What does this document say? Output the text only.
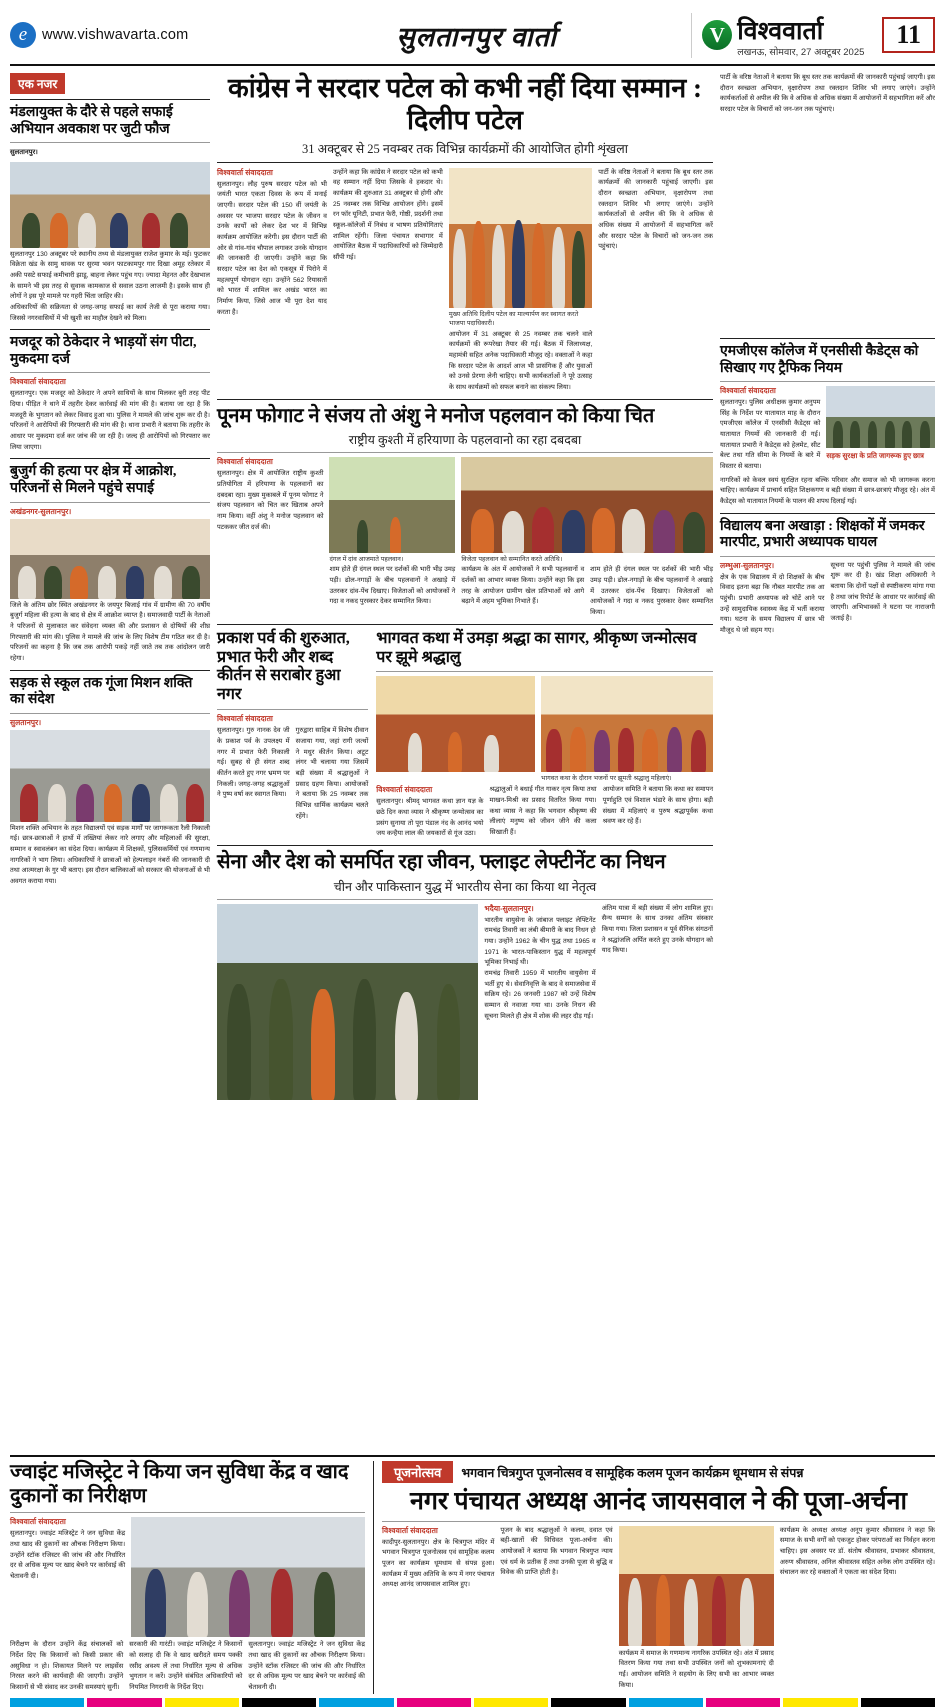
e	www.vishwavarta.com	सुलतानपुर वार्ता	V विश्ववार्ता
लखनऊ, सोमवार, 27 अक्टूबर 2025
11
एक नजर
मंडलायुक्त के दौरे से पहले सफाई अभियान अवकाश पर जुटी फौज
सुलतानपुर।
सुलतानपुर 130 अक्टूबर परे स्थानीय तथ्य से मंडलायुक्त राजेश कुमार के मई। फुटकर विक्रेता खंड के सामु थावक पर सुरमा भवन फाटकामपुर गार दिखा अमूह रतेकार में अकी पसटे सफाई कमीचारी झाडू, बाहना लेकर पहुंच गए। ज्यादा मेहनत और देखभाल के सामने भी इस तरह से सुवाक कामकाज से सवाल उठना लाजमी है। इसके साथ ही लोगों ने इस पूरे मामले पर गहरी चिंता जाहिर की।
अधिकारियों की सक्रियता से जगह-जगह सफाई का कार्य तेजी से पूरा कराया गया। जिससे नगरवासियों में भी खुशी का माहौल देखने को मिला।
मजदूर को ठेकेदार ने भाड़यों संग पीटा, मुकदमा दर्ज
विश्ववार्ता संवाददाता
सुलतानपुर। एक मजदूर को ठेकेदार ने अपने साथियों के साथ मिलकर बुरी तरह पीट दिया। पीड़ित ने थाने में तहरीर देकर कार्रवाई की मांग की है। बताया जा रहा है कि मजदूरी के भुगतान को लेकर विवाद हुआ था। पुलिस ने मामले की जांच शुरू कर दी है। परिजनों ने आरोपियों की गिरफ्तारी की मांग की है। थाना प्रभारी ने बताया कि तहरीर के आधार पर मुकदमा दर्ज कर जांच की जा रही है। जल्द ही आरोपियों को गिरफ्तार कर लिया जाएगा।
बुजुर्ग की हत्या पर क्षेत्र में आक्रोश, परिजनों से मिलने पहुंचे सपाई
अखंडनगर-सुलतानपुर।
जिले के अंतिम छोर स्थित अखंडनगर के जयपुर बिजाई गांव में ग्रामीण की 70 वर्षीय बुजुर्ग महिला की हत्या के बाद से क्षेत्र में आक्रोश व्याप्त है। समाजवादी पार्टी के नेताओं ने परिजनों से मुलाकात कर संवेदना व्यक्त की और प्रशासन से दोषियों की शीघ्र गिरफ्तारी की मांग की। पुलिस ने मामले की जांच के लिए विशेष टीम गठित कर दी है। परिजनों का कहना है कि जब तक आरोपी पकड़े नहीं जाते तब तक आंदोलन जारी रहेगा।
सड़क से स्कूल तक गूंजा मिशन शक्ति का संदेश
सुलतानपुर।
मिशन शक्ति अभियान के तहत विद्यालयों एवं सड़क मार्गों पर जागरूकता रैली निकाली गई। छात्र-छात्राओं ने हाथों में तख्तियां लेकर नारे लगाए और महिलाओं की सुरक्षा, सम्मान व स्वावलंबन का संदेश दिया। कार्यक्रम में शिक्षकों, पुलिसकर्मियों एवं गणमान्य नागरिकों ने भाग लिया। अधिकारियों ने छात्राओं को हेल्पलाइन नंबरों की जानकारी दी तथा आत्मरक्षा के गुर भी बताए। इस दौरान बालिकाओं को सरकार की योजनाओं से भी अवगत कराया गया।
कांग्रेस ने सरदार पटेल को कभी नहीं दिया सम्मान : दिलीप पटेल
31 अक्टूबर से 25 नवम्बर तक विभिन्न कार्यक्रमों की आयोजित होगी शृंखला
विश्ववार्ता संवाददाता
सुलतानपुर। लौह पुरुष सरदार पटेल को भी जयंती भारत एकता दिवस के रूप में मनाई जाएगी। सरदार पटेल की 150 वीं जयंती के अवसर पर भाजपा सरदार पटेल के जीवन व उनके कार्यों को लेकर देश भर में विभिन्न कार्यक्रम आयोजित करेगी। इस दौरान पार्टी की ओर से गांव-गांव चौपाल लगाकर उनके योगदान की जानकारी दी जाएगी। उन्होंने कहा कि सरदार पटेल का देश को एकसूत्र में पिरोने में महत्वपूर्ण योगदान रहा। उन्होंने 562 रियासतों को भारत में शामिल कर अखंड भारत का निर्माण किया, जिसे आज भी पूरा देश याद करता है।
उन्होंने कहा कि कांग्रेस ने सरदार पटेल को कभी वह सम्मान नहीं दिया जिसके वे हकदार थे। कार्यक्रम की शुरुआत 31 अक्टूबर से होगी और 25 नवम्बर तक विभिन्न आयोजन होंगे। इसमें रन फॉर यूनिटी, प्रभात फेरी, गोष्ठी, प्रदर्शनी तथा स्कूल-कॉलेजों में निबंध व भाषण प्रतियोगिताएं शामिल रहेंगी। जिला पंचायत सभागार में आयोजित बैठक में पदाधिकारियों को जिम्मेदारी सौंपी गई।
मुख्य अतिथि दिलीप पटेल का माल्यार्पण कर स्वागत करते भाजपा पदाधिकारी।
आयोजन में 31 अक्टूबर से 25 नवम्बर तक चलने वाले कार्यक्रमों की रूपरेखा तैयार की गई। बैठक में जिलाध्यक्ष, महामंत्री सहित अनेक पदाधिकारी मौजूद रहे। वक्ताओं ने कहा कि सरदार पटेल के आदर्श आज भी प्रासंगिक हैं और युवाओं को उनसे प्रेरणा लेनी चाहिए। सभी कार्यकर्ताओं ने पूरे उत्साह के साथ कार्यक्रमों को सफल बनाने का संकल्प लिया।
पार्टी के वरिष्ठ नेताओं ने बताया कि बूथ स्तर तक कार्यक्रमों की जानकारी पहुंचाई जाएगी। इस दौरान स्वच्छता अभियान, वृक्षारोपण तथा रक्तदान शिविर भी लगाए जाएंगे। उन्होंने कार्यकर्ताओं से अपील की कि वे अधिक से अधिक संख्या में आयोजनों में सहभागिता करें और सरदार पटेल के विचारों को जन-जन तक पहुंचाएं।
पूनम फोगाट ने संजय तो अंशु ने मनोज पहलवान को किया चित
राष्ट्रीय कुश्ती में हरियाणा के पहलवानो का रहा दबदबा
विश्ववार्ता संवाददाता
सुलतानपुर। क्षेत्र में आयोजित राष्ट्रीय कुश्ती प्रतियोगिता में हरियाणा के पहलवानों का दबदबा रहा। मुख्य मुकाबले में पूनम फोगाट ने संजय पहलवान को चित कर खिताब अपने नाम किया। वहीं अंशु ने मनोज पहलवान को पटककर जीत दर्ज की।
दंगल में दांव आजमाते पहलवान।
शाम होते ही दंगल स्थल पर दर्शकों की भारी भीड़ उमड़ पड़ी। ढोल-नगाड़ों के बीच पहलवानों ने अखाड़े में उतरकर दांव-पेंच दिखाए। विजेताओं को आयोजकों ने गदा व नकद पुरस्कार देकर सम्मानित किया।
विजेता पहलवान को सम्मानित करते अतिथि।
कार्यक्रम के अंत में आयोजकों ने सभी पहलवानों व दर्शकों का आभार व्यक्त किया। उन्होंने कहा कि इस तरह के आयोजन ग्रामीण खेल प्रतिभाओं को आगे बढ़ाने में अहम भूमिका निभाते हैं।
शाम होते ही दंगल स्थल पर दर्शकों की भारी भीड़ उमड़ पड़ी। ढोल-नगाड़ों के बीच पहलवानों ने अखाड़े में उतरकर दांव-पेंच दिखाए। विजेताओं को आयोजकों ने गदा व नकद पुरस्कार देकर सम्मानित किया।
प्रकाश पर्व की शुरुआत, प्रभात फेरी और शब्द कीर्तन से सराबोर हुआ नगर
विश्ववार्ता संवाददाता
सुलतानपुर। गुरु नानक देव जी के प्रकाश पर्व के उपलक्ष्य में नगर में प्रभात फेरी निकाली गई। सुबह से ही संगत शब्द कीर्तन करते हुए नगर भ्रमण पर निकली। जगह-जगह श्रद्धालुओं ने पुष्प वर्षा कर स्वागत किया।
गुरुद्वारा साहिब में विशेष दीवान सजाया गया, जहां रागी जत्थों ने मधुर कीर्तन किया। अटूट लंगर भी चलाया गया जिसमें बड़ी संख्या में श्रद्धालुओं ने प्रसाद ग्रहण किया। आयोजकों ने बताया कि 25 नवम्बर तक विभिन्न धार्मिक कार्यक्रम चलते रहेंगे।
भागवत कथा में उमड़ा श्रद्धा का सागर, श्रीकृष्ण जन्मोत्सव पर झूमे श्रद्धालु
भागवत कथा के दौरान भजनों पर झूमती श्रद्धालु महिलाएं।
विश्ववार्ता संवाददाता
सुलतानपुर। श्रीमद् भागवत कथा ज्ञान यज्ञ के छठे दिन कथा व्यास ने श्रीकृष्ण जन्मोत्सव का प्रसंग सुनाया तो पूरा पंडाल नंद के आनंद भयो जय कन्हैया लाल की जयकारों से गूंज उठा।
श्रद्धालुओं ने बधाई गीत गाकर नृत्य किया तथा माखन-मिश्री का प्रसाद वितरित किया गया। कथा व्यास ने कहा कि भगवान श्रीकृष्ण की लीलाएं मनुष्य को जीवन जीने की कला सिखाती हैं।
आयोजन समिति ने बताया कि कथा का समापन पूर्णाहुति एवं विशाल भंडारे के साथ होगा। बड़ी संख्या में महिलाएं व पुरुष श्रद्धापूर्वक कथा श्रवण कर रहे हैं।
सेना और देश को समर्पित रहा जीवन, फ्लाइट लेफ्टीनेंट का निधन
चीन और पाकिस्तान युद्ध में भारतीय सेना का किया था नेतृत्व
भदैया-सुलतानपुर।
भारतीय वायुसेना के जांबाज फ्लाइट लेफ्टिनेंट रामचंद्र तिवारी का लंबी बीमारी के बाद निधन हो गया। उन्होंने 1962 के चीन युद्ध तथा 1965 व 1971 के भारत-पाकिस्तान युद्ध में महत्वपूर्ण भूमिका निभाई थी।
रामचंद्र तिवारी 1959 में भारतीय वायुसेना में भर्ती हुए थे। सेवानिवृत्ति के बाद वे समाजसेवा में सक्रिय रहे। 26 जनवरी 1987 को उन्हें विशेष सम्मान से नवाजा गया था। उनके निधन की सूचना मिलते ही क्षेत्र में शोक की लहर दौड़ गई।
अंतिम यात्रा में बड़ी संख्या में लोग शामिल हुए। सैन्य सम्मान के साथ उनका अंतिम संस्कार किया गया। जिला प्रशासन व पूर्व सैनिक संगठनों ने श्रद्धांजलि अर्पित करते हुए उनके योगदान को याद किया।
पार्टी के वरिष्ठ नेताओं ने बताया कि बूथ स्तर तक कार्यक्रमों की जानकारी पहुंचाई जाएगी। इस दौरान स्वच्छता अभियान, वृक्षारोपण तथा रक्तदान शिविर भी लगाए जाएंगे। उन्होंने कार्यकर्ताओं से अपील की कि वे अधिक से अधिक संख्या में आयोजनों में सहभागिता करें और सरदार पटेल के विचारों को जन-जन तक पहुंचाएं।
एमजीएस कॉलेज में एनसीसी कैडेट्स को सिखाए गए ट्रैफिक नियम
विश्ववार्ता संवाददाता
सुलतानपुर। पुलिस अधीक्षक कुमार अनुपम सिंह के निर्देश पर यातायात माह के दौरान एमजीएस कॉलेज में एनसीसी कैडेट्स को यातायात नियमों की जानकारी दी गई। यातायात प्रभारी ने कैडेट्स को हेलमेट, सीट बेल्ट तथा गति सीमा के नियमों के बारे में विस्तार से बताया।
सड़क सुरक्षा के प्रति जागरूक हुए छात्र
नागरिकों को केवल स्वयं सुरक्षित रहना बल्कि परिवार और समाज को भी जागरूक करना चाहिए। कार्यक्रम में प्राचार्य सहित शिक्षकगण व बड़ी संख्या में छात्र-छात्राएं मौजूद रहे। अंत में कैडेट्स को यातायात नियमों के पालन की शपथ दिलाई गई।
विद्यालय बना अखाड़ा : शिक्षकों में जमकर मारपीट, प्रभारी अध्यापक घायल
लम्भुआ-सुलतानपुर।
क्षेत्र के एक विद्यालय में दो शिक्षकों के बीच विवाद इतना बढ़ा कि नौबत मारपीट तक आ पहुंची। प्रभारी अध्यापक को चोटें आने पर उन्हें सामुदायिक स्वास्थ्य केंद्र में भर्ती कराया गया। घटना के समय विद्यालय में छात्र भी मौजूद थे जो सहम गए।
सूचना पर पहुंची पुलिस ने मामले की जांच शुरू कर दी है। खंड शिक्षा अधिकारी ने बताया कि दोनों पक्षों से स्पष्टीकरण मांगा गया है तथा जांच रिपोर्ट के आधार पर कार्रवाई की जाएगी। अभिभावकों ने घटना पर नाराजगी जताई है।
ज्वाइंट मजिस्ट्रेट ने किया जन सुविधा केंद्र व खाद दुकानों का निरीक्षण
विश्ववार्ता संवाददाता
सुलतानपुर। ज्वाइंट मजिस्ट्रेट ने जन सुविधा केंद्र तथा खाद की दुकानों का औचक निरीक्षण किया। उन्होंने स्टॉक रजिस्टर की जांच की और निर्धारित दर से अधिक मूल्य पर खाद बेचने पर कार्रवाई की चेतावनी दी।
निरीक्षण के दौरान उन्होंने केंद्र संचालकों को निर्देश दिए कि किसानों को किसी प्रकार की असुविधा न हो। शिकायत मिलने पर लाइसेंस निरस्त करने की कार्यवाही की जाएगी। उन्होंने किसानों से भी संवाद कर उनकी समस्याएं सुनीं।
सरकारी की गारंटी। ज्वाइंट मजिस्ट्रेट ने किसानों को सलाह दी कि वे खाद खरीदते समय पक्की रसीद अवश्य लें तथा निर्धारित मूल्य से अधिक भुगतान न करें। उन्होंने संबंधित अधिकारियों को नियमित निगरानी के निर्देश दिए।
सुलतानपुर। ज्वाइंट मजिस्ट्रेट ने जन सुविधा केंद्र तथा खाद की दुकानों का औचक निरीक्षण किया। उन्होंने स्टॉक रजिस्टर की जांच की और निर्धारित दर से अधिक मूल्य पर खाद बेचने पर कार्रवाई की चेतावनी दी।
पूजनोत्सव	भगवान चित्रगुप्त पूजनोत्सव व सामूहिक कलम पूजन कार्यक्रम धूमधाम से संपन्न
नगर पंचायत अध्यक्ष आनंद जायसवाल ने की पूजा-अर्चना
विश्ववार्ता संवाददाता
कादीपुर-सुलतानपुर। क्षेत्र के चित्रगुप्त मंदिर में भगवान चित्रगुप्त पूजनोत्सव एवं सामूहिक कलम पूजन का कार्यक्रम धूमधाम से संपन्न हुआ। कार्यक्रम में मुख्य अतिथि के रूप में नगर पंचायत अध्यक्ष आनंद जायसवाल शामिल हुए।
पूजन के बाद श्रद्धालुओं ने कलम, दवात एवं बही-खातों की विधिवत पूजा-अर्चना की। आयोजकों ने बताया कि भगवान चित्रगुप्त न्याय एवं धर्म के प्रतीक हैं तथा उनकी पूजा से बुद्धि व विवेक की प्राप्ति होती है।
कार्यक्रम में समाज के गणमान्य नागरिक उपस्थित रहे। अंत में प्रसाद वितरण किया गया तथा सभी उपस्थित जनों को शुभकामनाएं दी गईं। आयोजन समिति ने सहयोग के लिए सभी का आभार व्यक्त किया।
कार्यक्रम के अध्यक्ष अध्यक्ष अनूप कुमार श्रीवास्तव ने कहा कि समाज के सभी वर्गों को एकजुट होकर परंपराओं का निर्वहन करना चाहिए। इस अवसर पर डॉ. संतोष श्रीवास्तव, प्रभाकर श्रीवास्तव, अरुण श्रीवास्तव, अनिल श्रीवास्तव सहित अनेक लोग उपस्थित रहे। संचालन कर रहे वक्ताओं ने एकता का संदेश दिया।
